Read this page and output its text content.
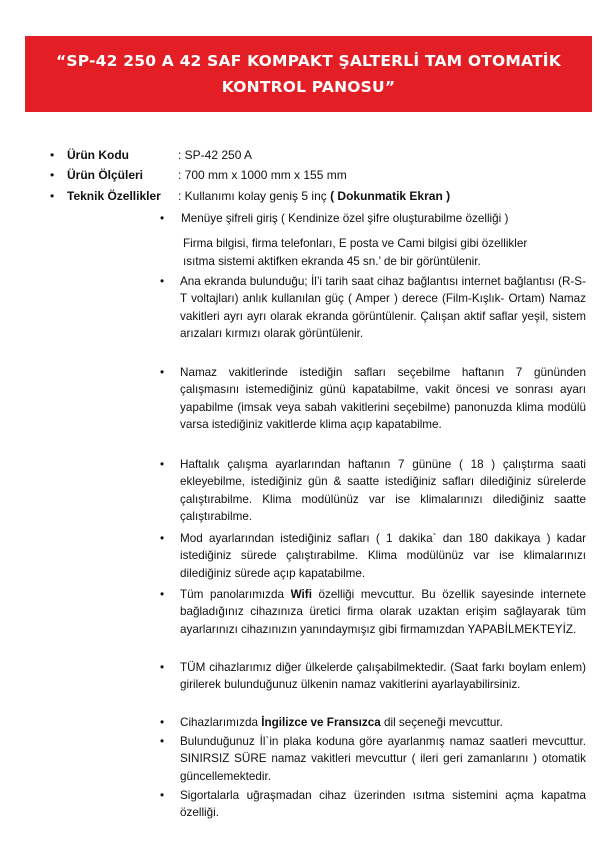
“SP-42 250 A 42 SAF KOMPAKT ŞALTERLİ TAM OTOMATİK
KONTROL PANOSU”
• Ürün Kodu	: SP-42 250 A
• Ürün Ölçüleri	: 700 mm x 1000 mm x 155 mm
• Teknik Özellikler : Kullanımı kolay geniş 5 inç ( Dokunmatik Ekran )
• Menüye şifreli giriş ( Kendinize özel şifre oluşturabilme özelliği )
Firma bilgisi, firma telefonları, E posta ve Cami bilgisi gibi özellikler
ısıtma sistemi aktifken ekranda 45 sn.’ de bir görüntülenir.
• Ana ekranda bulunduğu; İl’i tarih saat cihaz bağlantısı internet bağlantısı (R-S-T voltajları) anlık kullanılan güç ( Amper ) derece (Film-Kışlık- Ortam) Namaz vakitleri ayrı ayrı olarak ekranda görüntülenir. Çalışan aktif saflar yeşil, sistem arızaları kırmızı olarak görüntülenir.
• Namaz vakitlerinde istediğin safları seçebilme haftanın 7 gününden çalışmasını istemediğiniz günü kapatabilme, vakit öncesi ve sonrası ayarı yapabilme (imsak veya sabah vakitlerini seçebilme) panonuzda klima modülü varsa istediğiniz vakitlerde klima açıp kapatabilme.
• Haftalık çalışma ayarlarından haftanın 7 gününe ( 18 ) çalıştırma saati ekleyebilme, istediğiniz gün & saatte istediğiniz safları dilediğiniz sürelerde çalıştırabilme. Klima modülünüz var ise klimalarınızı dilediğiniz saatte çalıştırabilme.
• Mod ayarlarından istediğiniz safları ( 1 dakika` dan 180 dakikaya ) kadar istediğiniz sürede çalıştırabilme. Klima modülünüz var ise klimalarınızı dilediğiniz sürede açıp kapatabilme.
• Tüm panolarımızda Wifi özelliği mevcuttur. Bu özellik sayesinde internete bağladığınız cihazınıza üretici firma olarak uzaktan erişim sağlayarak tüm ayarlarınızı cihazınızın yanındaymışız gibi firmamızdan YAPABİLMEKTEYİZ.
• TÜM cihazlarımız diğer ülkelerde çalışabilmektedir. (Saat farkı boylam enlem) girilerek bulunduğunuz ülkenin namaz vakitlerini ayarlayabilirsiniz.
• Cihazlarımızda İngilizce ve Fransızca dil seçeneği mevcuttur.
• Bulunduğunuz İl`in plaka koduna göre ayarlanmış namaz saatleri mevcuttur. SINIRSIZ SÜRE namaz vakitleri mevcuttur ( ileri geri zamanlarını ) otomatik güncellemektedir.
• Sigortalarla uğraşmadan cihaz üzerinden ısıtma sistemini açma kapatma özelliği.
